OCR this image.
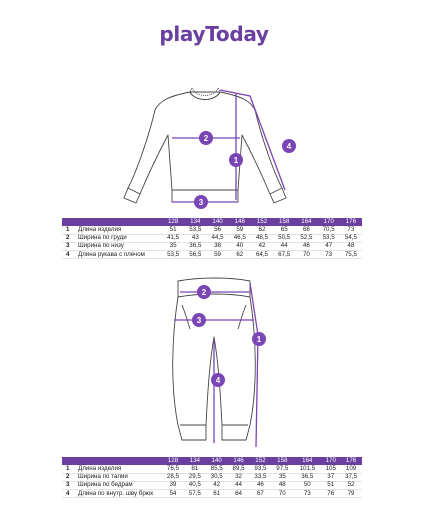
playToday
1
2
3
4
		128	134	140	146	152	158	164	170	176
1	Длина изделия	51	53,5	56	59	62	65	68	70,5	73
2	Ширина по груди	41,5	43	44,5	46,5	48,5	50,5	52,5	53,5	54,5
3	Ширина по низу	35	36,5	38	40	42	44	46	47	48
4	Длина рукава с плечом	53,5	56,5	59	62	64,5	67,5	70	73	75,5
1
2
3
4
		128	134	140	146	152	158	164	170	176
1	Длина изделия	76,5	81	85,5	89,5	93,5	97,5	101,5	105	109
2	Ширина по талии	28,5	29,5	30,5	32	33,5	35	36,5	37	37,5
3	Ширина по бедрам	39	40,5	42	44	46	48	50	51	52
4	Длина по внутр. шву брюк	54	57,5	61	64	67	70	73	76	79
